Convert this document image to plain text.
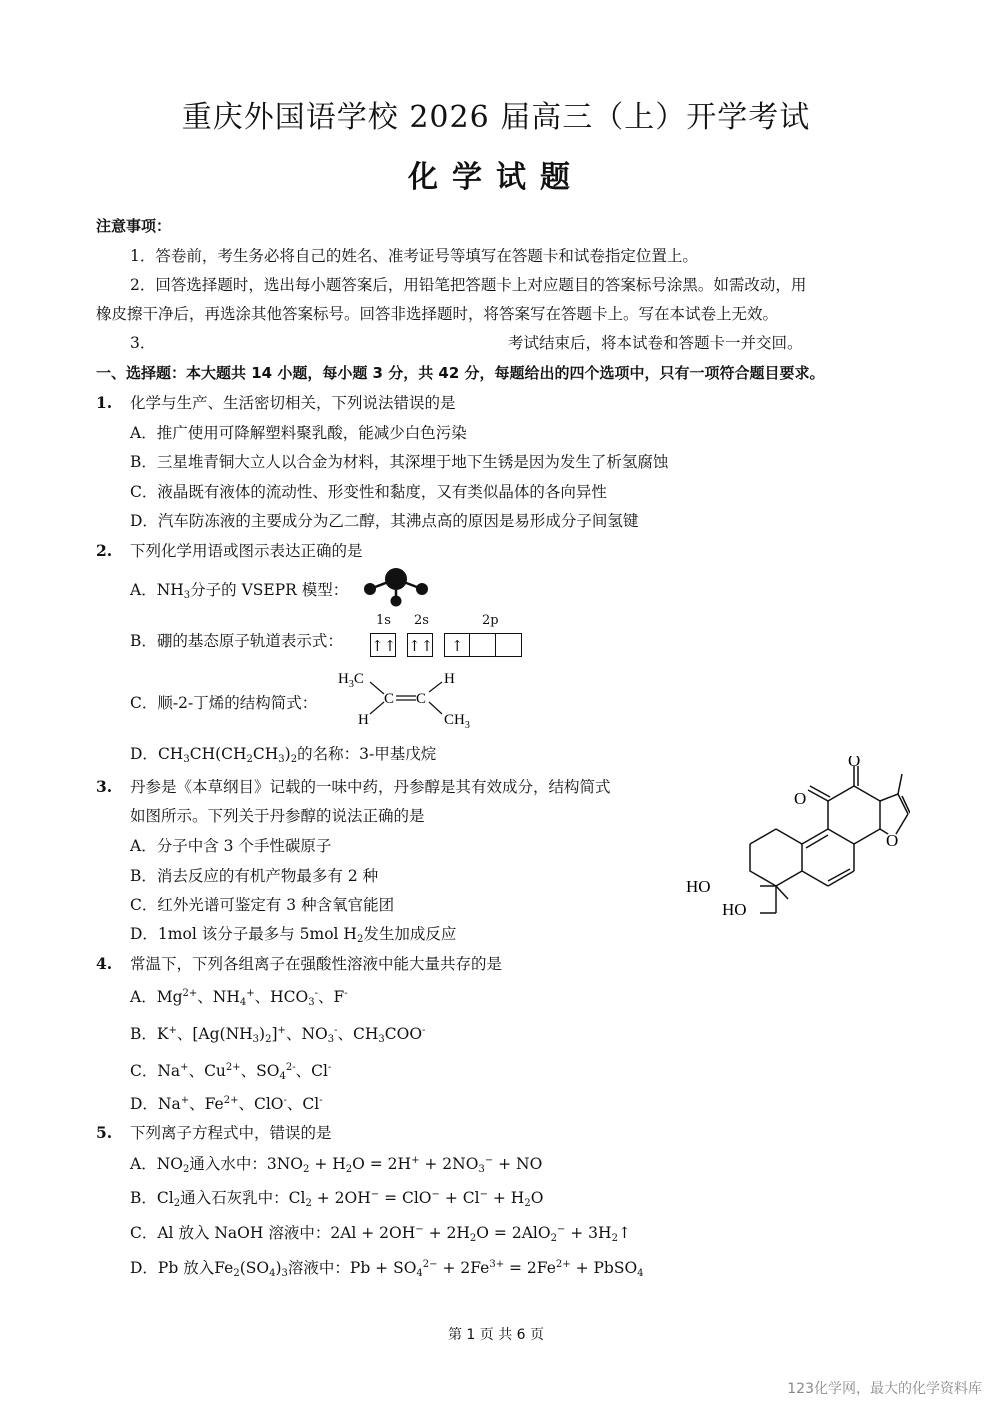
重庆外国语学校 2026 届高三（上）开学考试
化学试题
注意事项：
1．答卷前，考生务必将自己的姓名、准考证号等填写在答题卡和试卷指定位置上。
2．回答选择题时，选出每小题答案后，用铅笔把答题卡上对应题目的答案标号涂黑。如需改动，用
橡皮擦干净后，再选涂其他答案标号。回答非选择题时，将答案写在答题卡上。写在本试卷上无效。
3．	考试结束后，将本试卷和答题卡一并交回。
一、选择题：本大题共 14 小题，每小题 3 分，共 42 分，每题给出的四个选项中，只有一项符合题目要求。
1. 化学与生产、生活密切相关，下列说法错误的是
A．推广使用可降解塑料聚乳酸，能减少白色污染
B．三星堆青铜大立人以合金为材料，其深埋于地下生锈是因为发生了析氢腐蚀
C．液晶既有液体的流动性、形变性和黏度，又有类似晶体的各向异性
D．汽车防冻液的主要成分为乙二醇，其沸点高的原因是易形成分子间氢键
2. 下列化学用语或图示表达正确的是
A．$NH_3$分子的 VSEPR 模型：
B．硼的基态原子轨道表示式：
1s 2s	2p
↑↑ ↑↑ ↑
C．顺-2-丁烯的结构简式：
$H_3C$
C C
H
H	$CH_3$
D．$CH_3CH(CH_2CH_3)_2$的名称：3-甲基戊烷
3. 丹参是《本草纲目》记载的一味中药，丹参醇是其有效成分，结构简式
如图所示。下列关于丹参醇的说法正确的是
A．分子中含 3 个手性碳原子
B．消去反应的有机产物最多有 2 种
C．红外光谱可鉴定有 3 种含氧官能团
D．1mol 该分子最多与 5mol $H_2$发生加成反应
O
O
O
HO
HO
4. 常温下，下列各组离子在强酸性溶液中能大量共存的是
A．$Mg^{2+}$、$NH_4^+$、$HCO_3^-$、F-
B．K+、$[Ag(NH_3)_2]^+$、$NO_3^-$、$CH_3COO^-$
C．Na+、$Cu^{2+}$、$SO_4^{2-}$、Cl-
D．Na+、$Fe^{2+}$、ClO-、Cl-
5. 下列离子方程式中，错误的是
A．$NO_2$通入水中：$3NO_2 + H_2O = 2H^+ + 2NO_3^-$ + NO
B．$Cl_2$通入石灰乳中：$Cl_2 + 2OH^- = ClO^- + Cl^- + H_2O$
C．Al 放入 NaOH 溶液中：$2Al + 2OH^- + 2H_2O = 2AlO_2^-$ + $3H_2↑$
D．Pb 放入$Fe_2(SO_4)_3$溶液中：$Pb + SO_4^{2-} + 2Fe^{3+} = 2Fe^{2+}$ + PbSO$_4$
第 1 页 共 6 页
123化学网，最大的化学资料库
